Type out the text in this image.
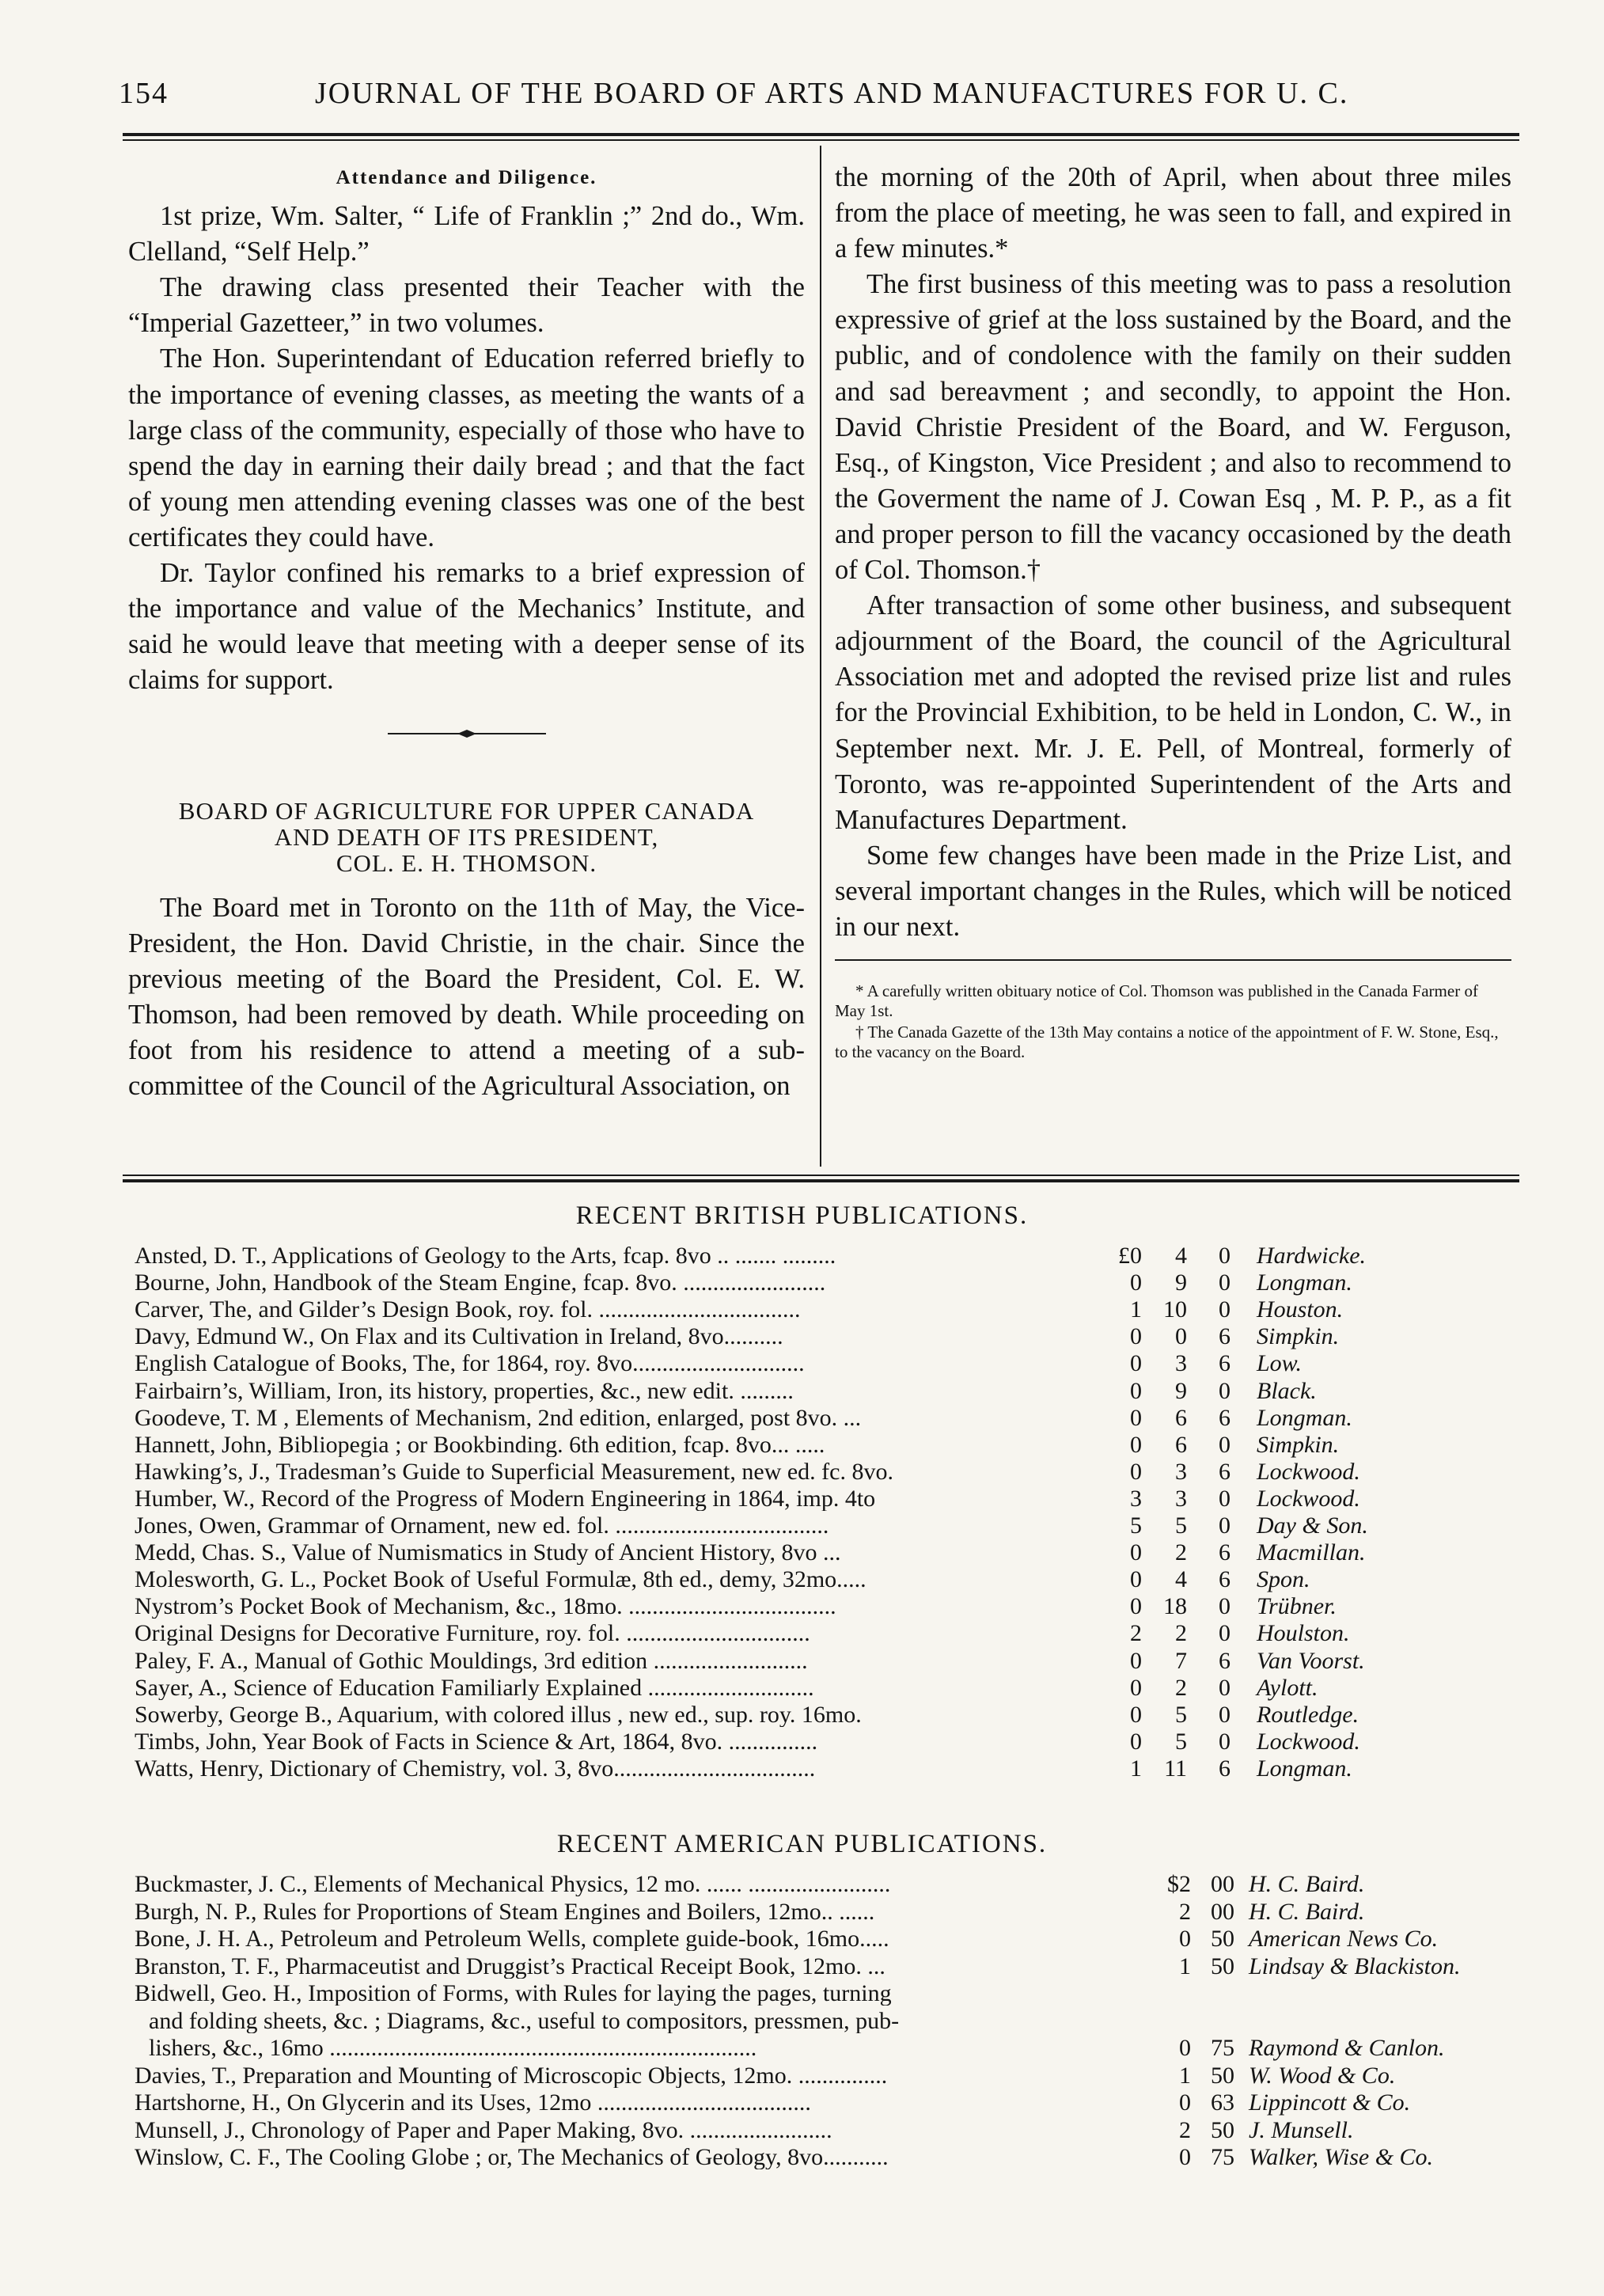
154	JOURNAL OF THE BOARD OF ARTS AND MANUFACTURES FOR U. C.
Attendance and Diligence.

1st prize, Wm. Salter, “ Life of Franklin ;” 2nd do., Wm. Clelland, “Self Help.”

The drawing class presented their Teacher with the “Imperial Gazetteer,” in two volumes.

The Hon. Superintendant of Education referred briefly to the importance of evening classes, as meeting the wants of a large class of the community, especially of those who have to spend the day in earning their daily bread ; and that the fact of young men attending evening classes was one of the best certificates they could have.

Dr. Taylor confined his remarks to a brief expression of the importance and value of the Mechanics’ Institute, and said he would leave that meeting with a deeper sense of its claims for support.

BOARD OF AGRICULTURE FOR UPPER CANADA
AND DEATH OF ITS PRESIDENT,
COL. E. H. THOMSON.

The Board met in Toronto on the 11th of May, the Vice-President, the Hon. David Christie, in the chair. Since the previous meeting of the Board the President, Col. E. W. Thomson, had been removed by death. While proceeding on foot from his residence to attend a meeting of a sub-committee of the Council of the Agricultural Association, on

the morning of the 20th of April, when about three miles from the place of meeting, he was seen to fall, and expired in a few minutes.*

The first business of this meeting was to pass a resolution expressive of grief at the loss sustained by the Board, and the public, and of condolence with the family on their sudden and sad bereavment ; and secondly, to appoint the Hon. David Christie President of the Board, and W. Ferguson, Esq., of Kingston, Vice President ; and also to recommend to the Goverment the name of J. Cowan Esq , M. P. P., as a fit and proper person to fill the vacancy occasioned by the death of Col. Thomson.†

After transaction of some other business, and subsequent adjournment of the Board, the council of the Agricultural Association met and adopted the revised prize list and rules for the Provincial Exhibition, to be held in London, C. W., in September next. Mr. J. E. Pell, of Montreal, formerly of Toronto, was re-appointed Superintendent of the Arts and Manufactures Department.

Some few changes have been made in the Prize List, and several important changes in the Rules, which will be noticed in our next.

* A carefully written obituary notice of Col. Thomson was published in the Canada Farmer of May 1st.

† The Canada Gazette of the 13th May contains a notice of the appointment of F. W. Stone, Esq., to the vacancy on the Board.

RECENT BRITISH PUBLICATIONS.
Ansted, D. T., Applications of Geology to the Arts, fcap. 8vo .. ....... .........	£0	4	0 Hardwicke.
Bourne, John, Handbook of the Steam Engine, fcap. 8vo. ........................	0	9	0 Longman.
Carver, The, and Gilder’s Design Book, roy. fol. ..................................	1 10	0 Houston.
Davy, Edmund W., On Flax and its Cultivation in Ireland, 8vo..........	0	0	6 Simpkin.
English Catalogue of Books, The, for 1864, roy. 8vo.............................	0	3	6 Low.
Fairbairn’s, William, Iron, its history, properties, &c., new edit. .........	0	9	0 Black.
Goodeve, T. M , Elements of Mechanism, 2nd edition, enlarged, post 8vo. ...	0	6	6 Longman.
Hannett, John, Bibliopegia ; or Bookbinding. 6th edition, fcap. 8vo... .....	0	6	0 Simpkin.
Hawking’s, J., Tradesman’s Guide to Superficial Measurement, new ed. fc. 8vo.	0	3	6 Lockwood.
Humber, W., Record of the Progress of Modern Engineering in 1864, imp. 4to	3	3	0 Lockwood.
Jones, Owen, Grammar of Ornament, new ed. fol. ....................................	5	5	0 Day & Son.
Medd, Chas. S., Value of Numismatics in Study of Ancient History, 8vo ...	0	2	6 Macmillan.
Molesworth, G. L., Pocket Book of Useful Formulæ, 8th ed., demy, 32mo.....	0	4	6 Spon.
Nystrom’s Pocket Book of Mechanism, &c., 18mo. ...................................	0 18	0 Trübner.
Original Designs for Decorative Furniture, roy. fol. ...............................	2	2	0 Houlston.
Paley, F. A., Manual of Gothic Mouldings, 3rd edition ..........................	0	7	6 Van Voorst.
Sayer, A., Science of Education Familiarly Explained ............................	0	2	0 Aylott.
Sowerby, George B., Aquarium, with colored illus , new ed., sup. roy. 16mo.	0	5	0 Routledge.
Timbs, John, Year Book of Facts in Science & Art, 1864, 8vo. ...............	0	5	0 Lockwood.
Watts, Henry, Dictionary of Chemistry, vol. 3, 8vo..................................	1 11	6 Longman.
RECENT AMERICAN PUBLICATIONS.
Buckmaster, J. C., Elements of Mechanical Physics, 12 mo. ...... ........................	$2 00 H. C. Baird.
Burgh, N. P., Rules for Proportions of Steam Engines and Boilers, 12mo.. ......	2 00 H. C. Baird.
Bone, J. H. A., Petroleum and Petroleum Wells, complete guide-book, 16mo.....	0 50 American News Co.
Branston, T. F., Pharmaceutist and Druggist’s Practical Receipt Book, 12mo. ...	1 50 Lindsay & Blackiston.
Bidwell, Geo. H., Imposition of Forms, with Rules for laying the pages, turning
and folding sheets, &c. ; Diagrams, &c., useful to compositors, pressmen, pub-
lishers, &c., 16mo ........................................................................	0 75 Raymond & Canlon.
Davies, T., Preparation and Mounting of Microscopic Objects, 12mo. ...............	1 50 W. Wood & Co.
Hartshorne, H., On Glycerin and its Uses, 12mo ....................................	0 63 Lippincott & Co.
Munsell, J., Chronology of Paper and Paper Making, 8vo. ........................	2 50 J. Munsell.
Winslow, C. F., The Cooling Globe ; or, The Mechanics of Geology, 8vo...........	0 75 Walker, Wise & Co.
